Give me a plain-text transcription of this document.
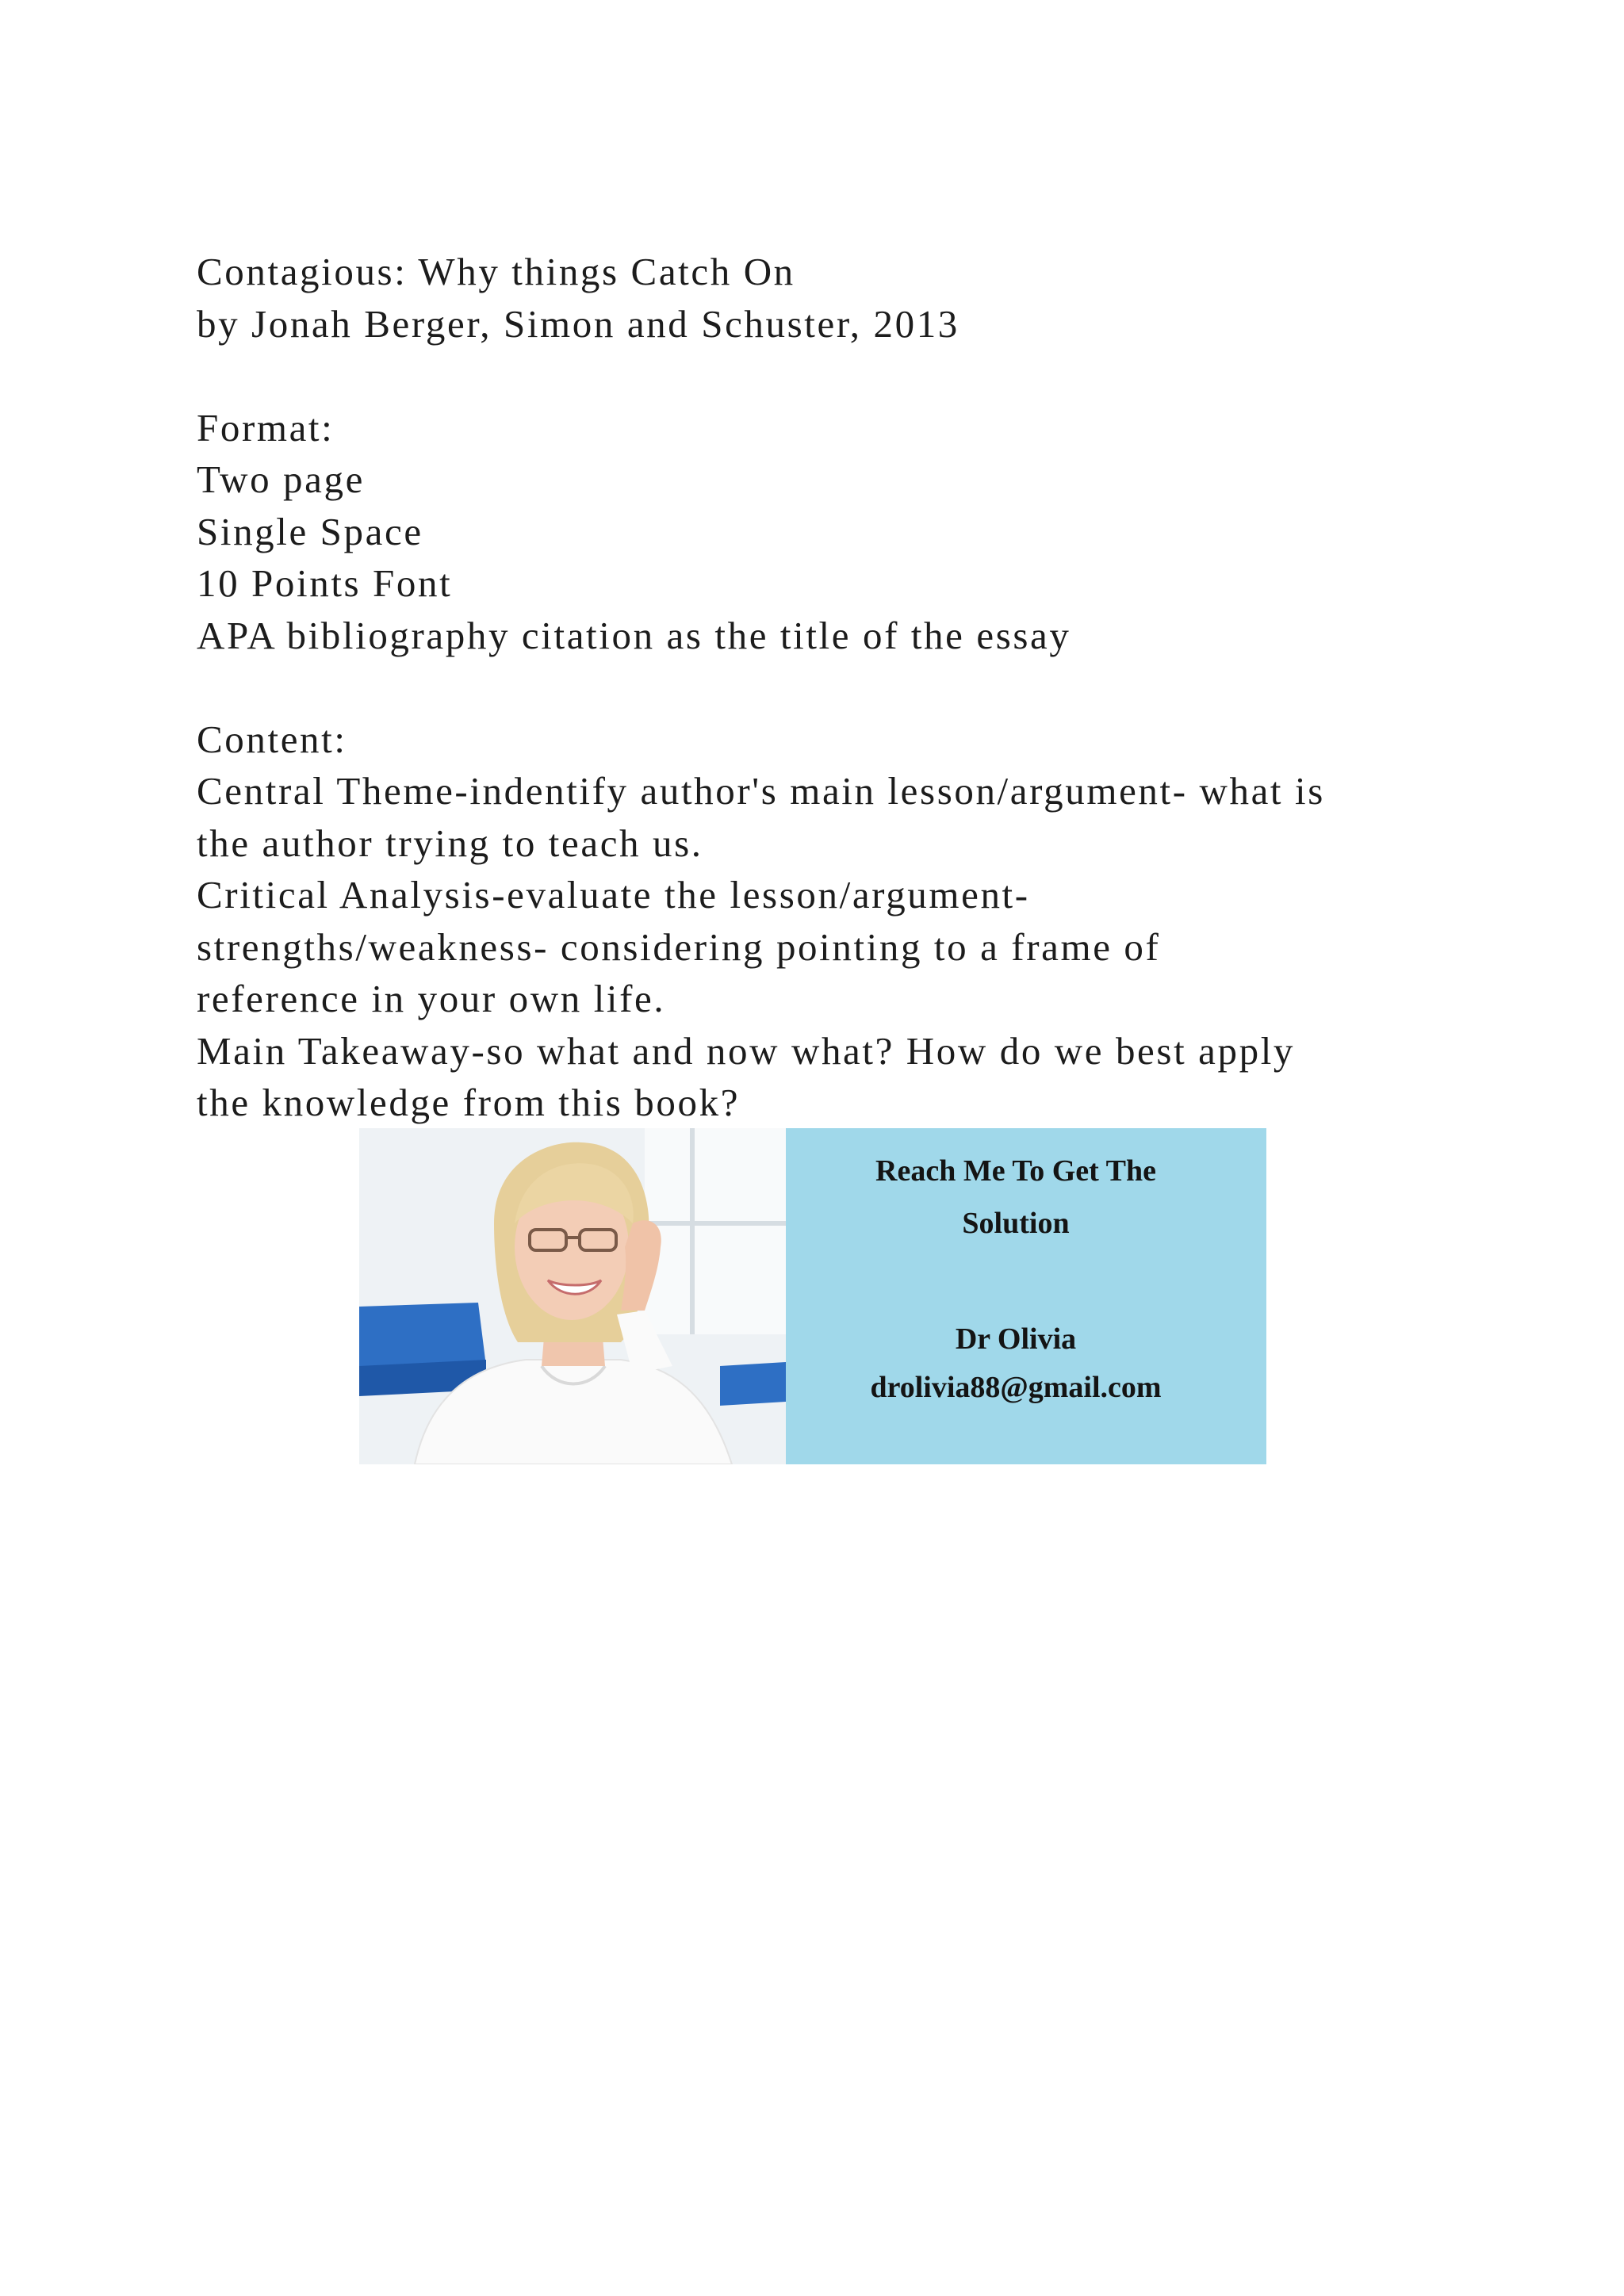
Contagious: Why things Catch On
by Jonah Berger, Simon and Schuster, 2013
Format:
Two page
Single Space
10 Points Font
APA bibliography citation as the title of the essay
Content:
Central Theme-indentify author's main lesson/argument- what is
the author trying to teach us.
Critical Analysis-evaluate the lesson/argument-
strengths/weakness- considering pointing to a frame of
reference in your own life.
Main Takeaway-so what and now what? How do we best apply
the knowledge from this book?
Reach Me To Get The
Solution
Dr Olivia
drolivia88@gmail.com
